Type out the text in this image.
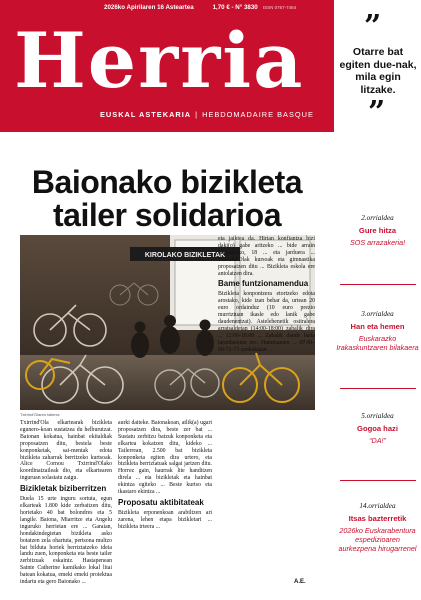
2026ko Apirilaren 16 Asteartea	1,70 € - N° 3830 ISSN 0767-7464
Herria
EUSKAL ASTEKARIA | HEBDOMADAIRE BASQUE
”
Otarre bat egiten due-nak, mila egin litzake.
”
Baionako bizikleta
tailer solidarioa
KIROLAKO BIZIKLETAK
Txirrind'Olaren tailerra

Txirrind'Ola elkartearak bizikleta egunero-koan sustatzea du helburutzat. Baionan kokatua, hainbat ekitaldiak proposatzen ditu, bestela beste konponketak, sai-mentak edota bizikleta zaharrak berritzeko kurtsoak. Alice Cornou Txirrind'Olako koordinatzaileak dio, eta elkartearen inguruan solastatu zaigu.

Bizikletak biziberritzen

Duela 15 urte inguru sortuta, egun elkarteak 1.800 kide zerbaitzen ditu, horietako 40 bat bolondres eta 5 langile. Baiona, Miarritze eta Angelu inguruko herrietan ere ... Garaian, hondakindegietan bizikleta asko botatzen zela ohartuta, pertsona multzo bat bilduta horiek berriztatzeko ideia landu zuen, konponketa eta beste tailer zerbitzuak eskainiz. Hastapenean Sainte Catherine kamikako lokal litai batean kokatua, emeki emeki proiektua indartu eta gero Baionako ...

aurki daiteke. Baionakoan, atlik(a) ugari proposatzen dira, beste zer bat ... Sustatu zerbitzu batzuk konponketa eta elkartea kokatzen ditu, kideko ... Tailerrean, 2.500 bat bizikleta konponketa egiten dira urtero, eta bizikleta berriztatuak salgai jartzen ditu. Horrez gain, haurrak lite handitzen direla ... eta bizikletak eta hainbat ekintza egiteko ... Beste kurtso eta ikastaro ekintza ...

Proposatu aktibitateak

Bizikleta erponenkoan arabiltzen ari zarena, lehen etapa bizikletari ... bizikleta irteera ...

eta jaiktea da. Hirian konfiantza bizi daki(o) gabe aritzeko ... bide arrain ezagutzeko, 18 ... eta jarduera ... Txirrind'Olak kursoak eta gimnastika proposatzen ditu ... Bizikleta eskola ere antolatzen dira.

Bame funtzionamendua

Bizikleta konpontzera etortzeko edota arostako, kide izan behar da, urtean 20 euro ordainduz (10 euro prezio murriztuan ikasle edo lanik gabe daudenentzat). Astelehenetik ostiralera arratsaldetan (14:00-18:00) zabalik dira ... 12:00-18:00 ... Zabalik daude baita larunbatetan ere. Hammamen ... 07-81-60-72-73 zenbakiaan ...

A.E.
2.orrialdea
Gure hitza
SOS arrazakeria!
3.orrialdea
Han eta hemen
Euskarazko Irakaskuntzaren bilakaera
5.orrialdea
Gogoa hazi
“DA!”
14.orrialdea
Itsas bazterretik
2026ko Euskarabentura espedizioaren aurkezpena hirugarrenel
